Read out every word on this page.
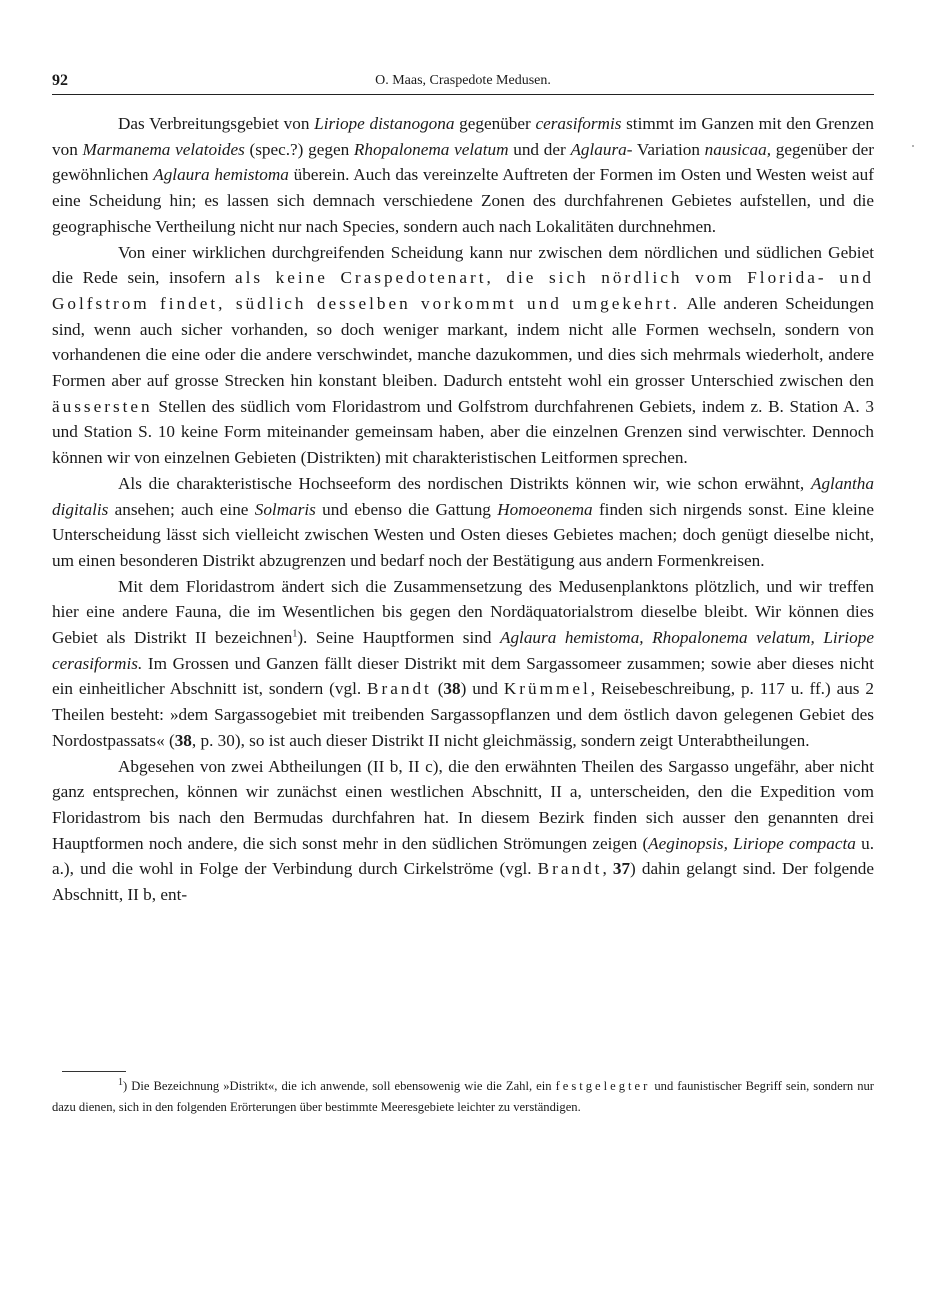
92	O. Maas, Craspedote Medusen.

Das Verbreitungsgebiet von Liriope distanogona gegenüber cerasiformis stimmt im Ganzen mit den Grenzen von Marmanema velatoides (spec.?) gegen Rhopalonema velatum und der Aglaura- Variation nausicaa, gegenüber der gewöhnlichen Aglaura hemistoma überein. Auch das vereinzelte Auftreten der Formen im Osten und Westen weist auf eine Scheidung hin; es lassen sich demnach verschiedene Zonen des durchfahrenen Gebietes aufstellen, und die geographische Vertheilung nicht nur nach Species, sondern auch nach Lokalitäten durchnehmen.

Von einer wirklichen durchgreifenden Scheidung kann nur zwischen dem nördlichen und südlichen Gebiet die Rede sein, insofern als keine Craspedotenart, die sich nördlich vom Florida- und Golfstrom findet, südlich desselben vorkommt und umgekehrt. Alle anderen Scheidungen sind, wenn auch sicher vorhanden, so doch weniger markant, indem nicht alle Formen wechseln, sondern von vorhandenen die eine oder die andere verschwindet, manche dazukommen, und dies sich mehrmals wiederholt, andere Formen aber auf grosse Strecken hin konstant bleiben. Dadurch entsteht wohl ein grosser Unterschied zwischen den äussersten Stellen des südlich vom Floridastrom und Golfstrom durchfahrenen Gebiets, indem z. B. Station A. 3 und Station S. 10 keine Form miteinander gemeinsam haben, aber die einzelnen Grenzen sind verwischter. Dennoch können wir von einzelnen Gebieten (Distrikten) mit charakteristischen Leitformen sprechen.

Als die charakteristische Hochseeform des nordischen Distrikts können wir, wie schon erwähnt, Aglantha digitalis ansehen; auch eine Solmaris und ebenso die Gattung Homoeonema finden sich nirgends sonst. Eine kleine Unterscheidung lässt sich vielleicht zwischen Westen und Osten dieses Gebietes machen; doch genügt dieselbe nicht, um einen besonderen Distrikt abzugrenzen und bedarf noch der Bestätigung aus andern Formenkreisen.

Mit dem Floridastrom ändert sich die Zusammensetzung des Medusenplanktons plötzlich, und wir treffen hier eine andere Fauna, die im Wesentlichen bis gegen den Nordäquatorialstrom dieselbe bleibt. Wir können dies Gebiet als Distrikt II bezeichnen$^1$). Seine Hauptformen sind Aglaura hemistoma, Rhopalonema velatum, Liriope cerasiformis. Im Grossen und Ganzen fällt dieser Distrikt mit dem Sargassomeer zusammen; sowie aber dieses nicht ein einheitlicher Abschnitt ist, sondern (vgl. Brandt (38) und Krümmel, Reisebeschreibung, p. 117 u. ff.) aus 2 Theilen besteht: »dem Sargassogebiet mit treibenden Sargassopflanzen und dem östlich davon gelegenen Gebiet des Nordostpassats« (38, p. 30), so ist auch dieser Distrikt II nicht gleichmässig, sondern zeigt Unterabtheilungen.

Abgesehen von zwei Abtheilungen (II b, II c), die den erwähnten Theilen des Sargasso ungefähr, aber nicht ganz entsprechen, können wir zunächst einen westlichen Abschnitt, II a, unterscheiden, den die Expedition vom Floridastrom bis nach den Bermudas durchfahren hat. In diesem Bezirk finden sich ausser den genannten drei Hauptformen noch andere, die sich sonst mehr in den südlichen Strömungen zeigen (Aeginopsis, Liriope compacta u. a.), und die wohl in Folge der Verbindung durch Cirkelströme (vgl. Brandt, 37) dahin gelangt sind. Der folgende Abschnitt, II b, ent-

$^1$) Die Bezeichnung »Distrikt«, die ich anwende, soll ebensowenig wie die Zahl, ein festgelegter und faunistischer Begriff sein, sondern nur dazu dienen, sich in den folgenden Erörterungen über bestimmte Meeresgebiete leichter zu verständigen.
